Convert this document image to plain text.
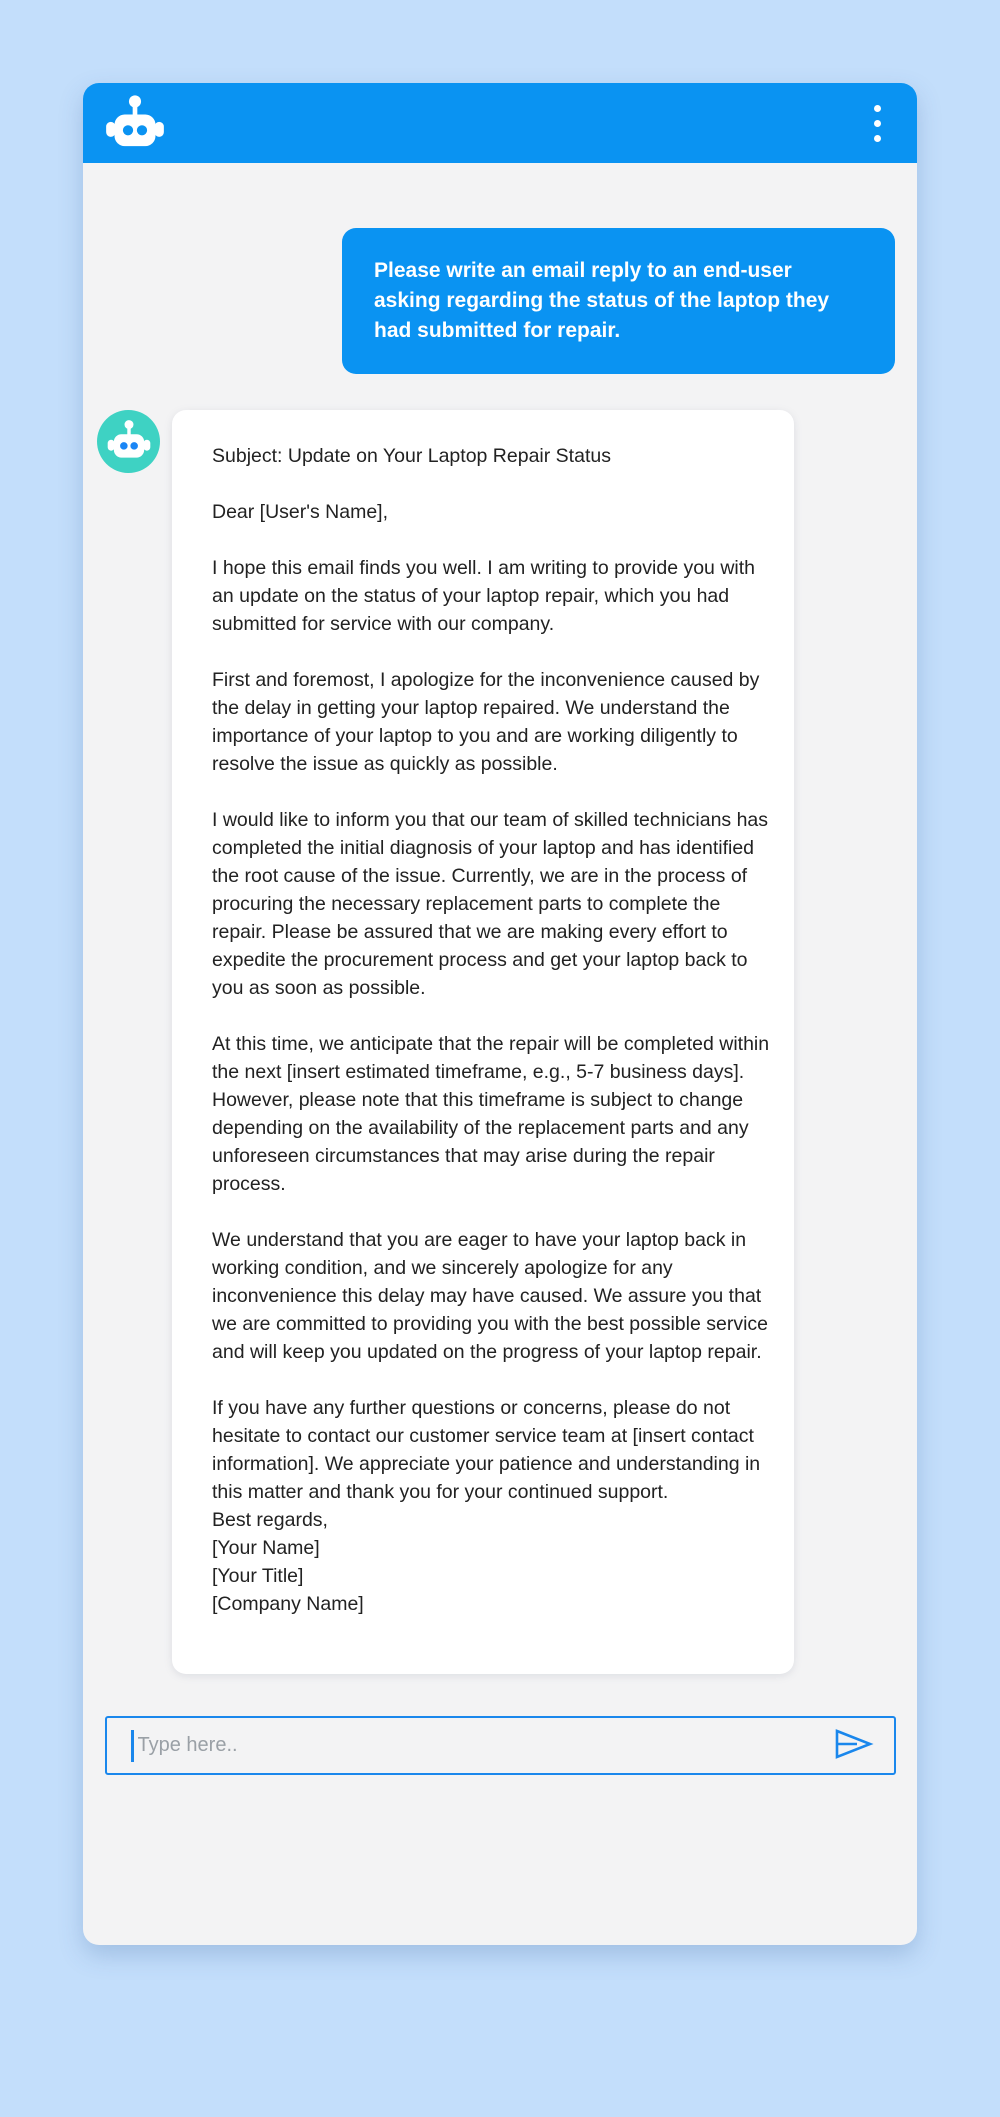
Please write an email reply to an end-user asking regarding the status of the laptop they had submitted for repair.

Subject: Update on Your Laptop Repair Status

Dear [User's Name],

I hope this email finds you well. I am writing to provide you with an update on the status of your laptop repair, which you had submitted for service with our company.

First and foremost, I apologize for the inconvenience caused by the delay in getting your laptop repaired. We understand the importance of your laptop to you and are working diligently to resolve the issue as quickly as possible.

I would like to inform you that our team of skilled technicians has completed the initial diagnosis of your laptop and has identified the root cause of the issue. Currently, we are in the process of procuring the necessary replacement parts to complete the repair. Please be assured that we are making every effort to expedite the procurement process and get your laptop back to you as soon as possible.

At this time, we anticipate that the repair will be completed within the next [insert estimated timeframe, e.g., 5-7 business days]. However, please note that this timeframe is subject to change depending on the availability of the replacement parts and any unforeseen circumstances that may arise during the repair process.

We understand that you are eager to have your laptop back in working condition, and we sincerely apologize for any inconvenience this delay may have caused. We assure you that we are committed to providing you with the best possible service and will keep you updated on the progress of your laptop repair.

If you have any further questions or concerns, please do not hesitate to contact our customer service team at [insert contact information]. We appreciate your patience and understanding in this matter and thank you for your continued support.

Best regards,
[Your Name]
[Your Title]
[Company Name]
Type here..
